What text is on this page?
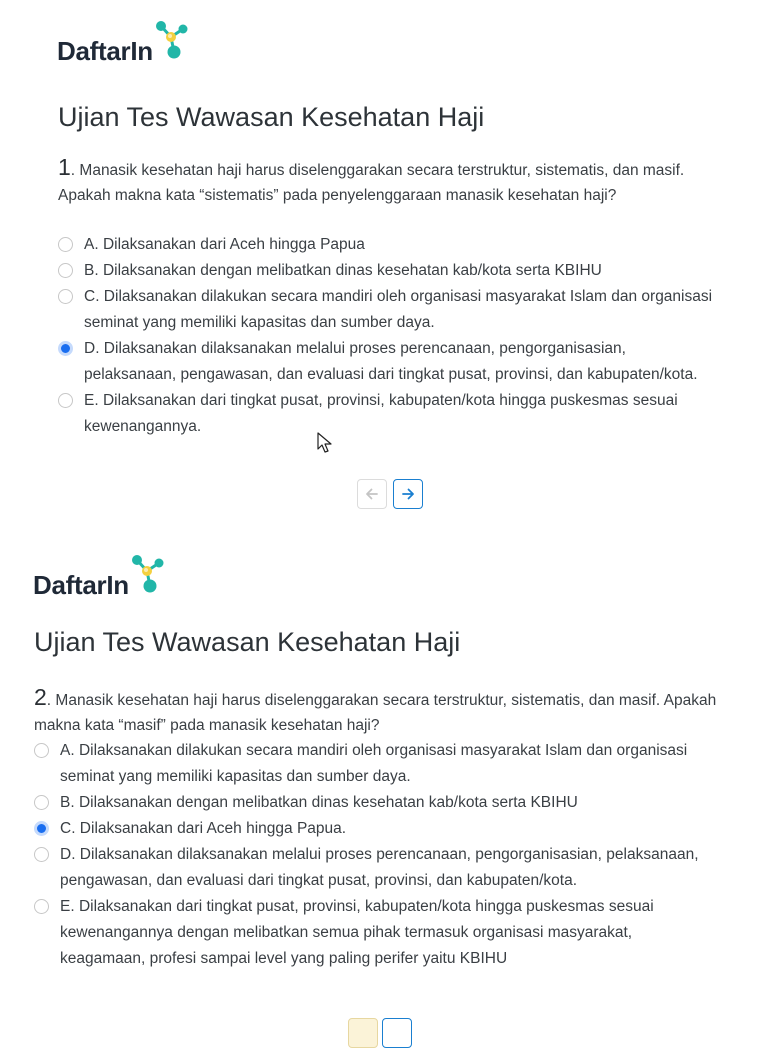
DaftarIn
Ujian Tes Wawasan Kesehatan Haji

1. Manasik kesehatan haji harus diselenggarakan secara terstruktur, sistematis, dan masif. Apakah makna kata “sistematis” pada penyelenggaraan manasik kesehatan haji?

A. Dilaksanakan dari Aceh hingga Papua
B. Dilaksanakan dengan melibatkan dinas kesehatan kab/kota serta KBIHU
C. Dilaksanakan dilakukan secara mandiri oleh organisasi masyarakat Islam dan organisasi seminat yang memiliki kapasitas dan sumber daya.
D. Dilaksanakan dilaksanakan melalui proses perencanaan, pengorganisasian, pelaksanaan, pengawasan, dan evaluasi dari tingkat pusat, provinsi, dan kabupaten/kota.
E. Dilaksanakan dari tingkat pusat, provinsi, kabupaten/kota hingga puskesmas sesuai kewenangannya.
DaftarIn
Ujian Tes Wawasan Kesehatan Haji

2. Manasik kesehatan haji harus diselenggarakan secara terstruktur, sistematis, dan masif. Apakah makna kata “masif” pada manasik kesehatan haji?

A. Dilaksanakan dilakukan secara mandiri oleh organisasi masyarakat Islam dan organisasi seminat yang memiliki kapasitas dan sumber daya.
B. Dilaksanakan dengan melibatkan dinas kesehatan kab/kota serta KBIHU
C. Dilaksanakan dari Aceh hingga Papua.
D. Dilaksanakan dilaksanakan melalui proses perencanaan, pengorganisasian, pelaksanaan, pengawasan, dan evaluasi dari tingkat pusat, provinsi, dan kabupaten/kota.
E. Dilaksanakan dari tingkat pusat, provinsi, kabupaten/kota hingga puskesmas sesuai kewenangannya dengan melibatkan semua pihak termasuk organisasi masyarakat, keagamaan, profesi sampai level yang paling perifer yaitu KBIHU
